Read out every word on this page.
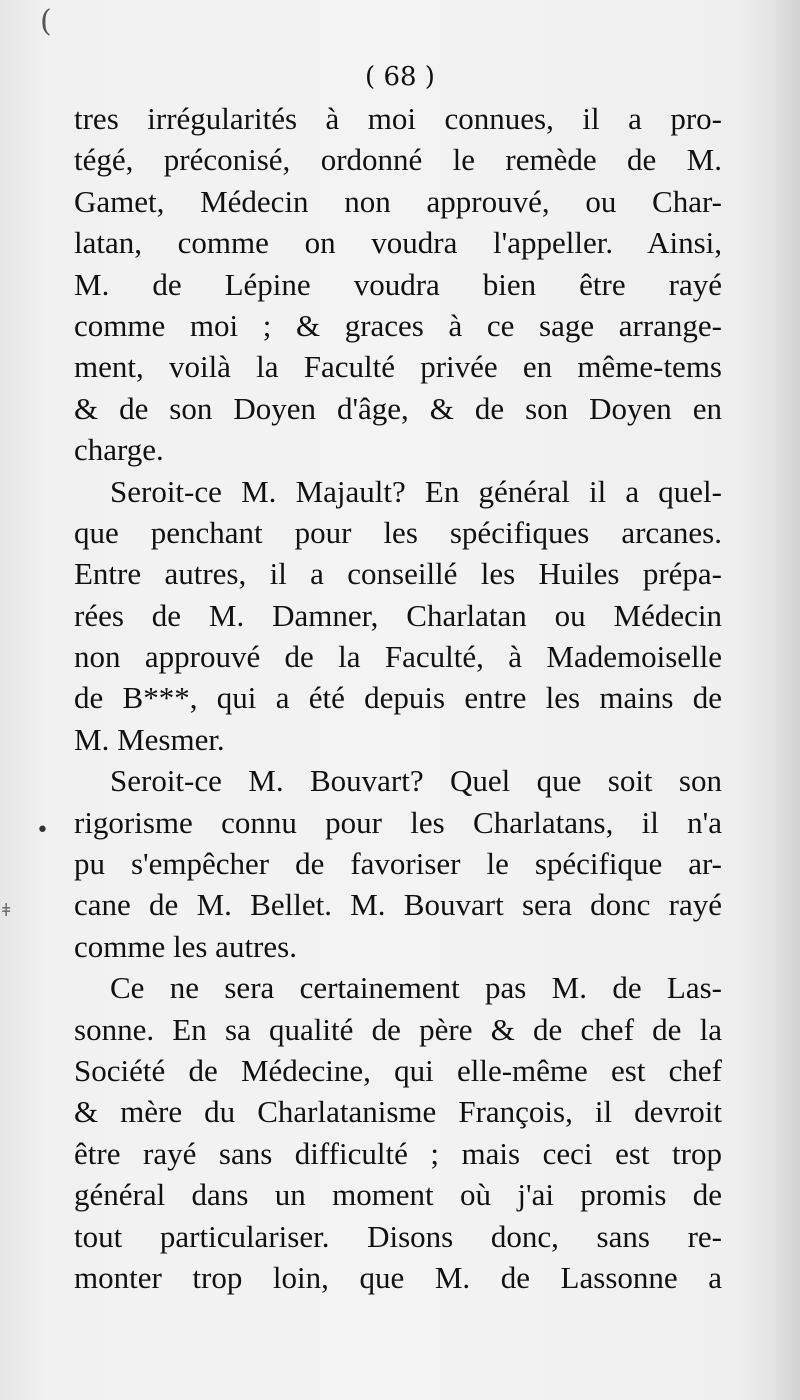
(
•
ǂ
( 68 )
tres irrégularités à moi connues, il a pro-
tégé, préconisé, ordonné le remède de M.
Gamet, Médecin non approuvé, ou Char-
latan, comme on voudra l'appeller. Ainsi,
M. de Lépine voudra bien être rayé
comme moi ; & graces à ce sage arrange-
ment, voilà la Faculté privée en même-tems
& de son Doyen d'âge, & de son Doyen en
charge.
Seroit-ce M. Majault? En général il a quel-
que penchant pour les spécifiques arcanes.
Entre autres, il a conseillé les Huiles prépa-
rées de M. Damner, Charlatan ou Médecin
non approuvé de la Faculté, à Mademoiselle
de B***, qui a été depuis entre les mains de
M. Mesmer.
Seroit-ce M. Bouvart? Quel que soit son
rigorisme connu pour les Charlatans, il n'a
pu s'empêcher de favoriser le spécifique ar-
cane de M. Bellet. M. Bouvart sera donc rayé
comme les autres.
Ce ne sera certainement pas M. de Las-
sonne. En sa qualité de père & de chef de la
Société de Médecine, qui elle-même est chef
& mère du Charlatanisme François, il devroit
être rayé sans difficulté ; mais ceci est trop
général dans un moment où j'ai promis de
tout particulariser. Disons donc, sans re-
monter trop loin, que M. de Lassonne a
